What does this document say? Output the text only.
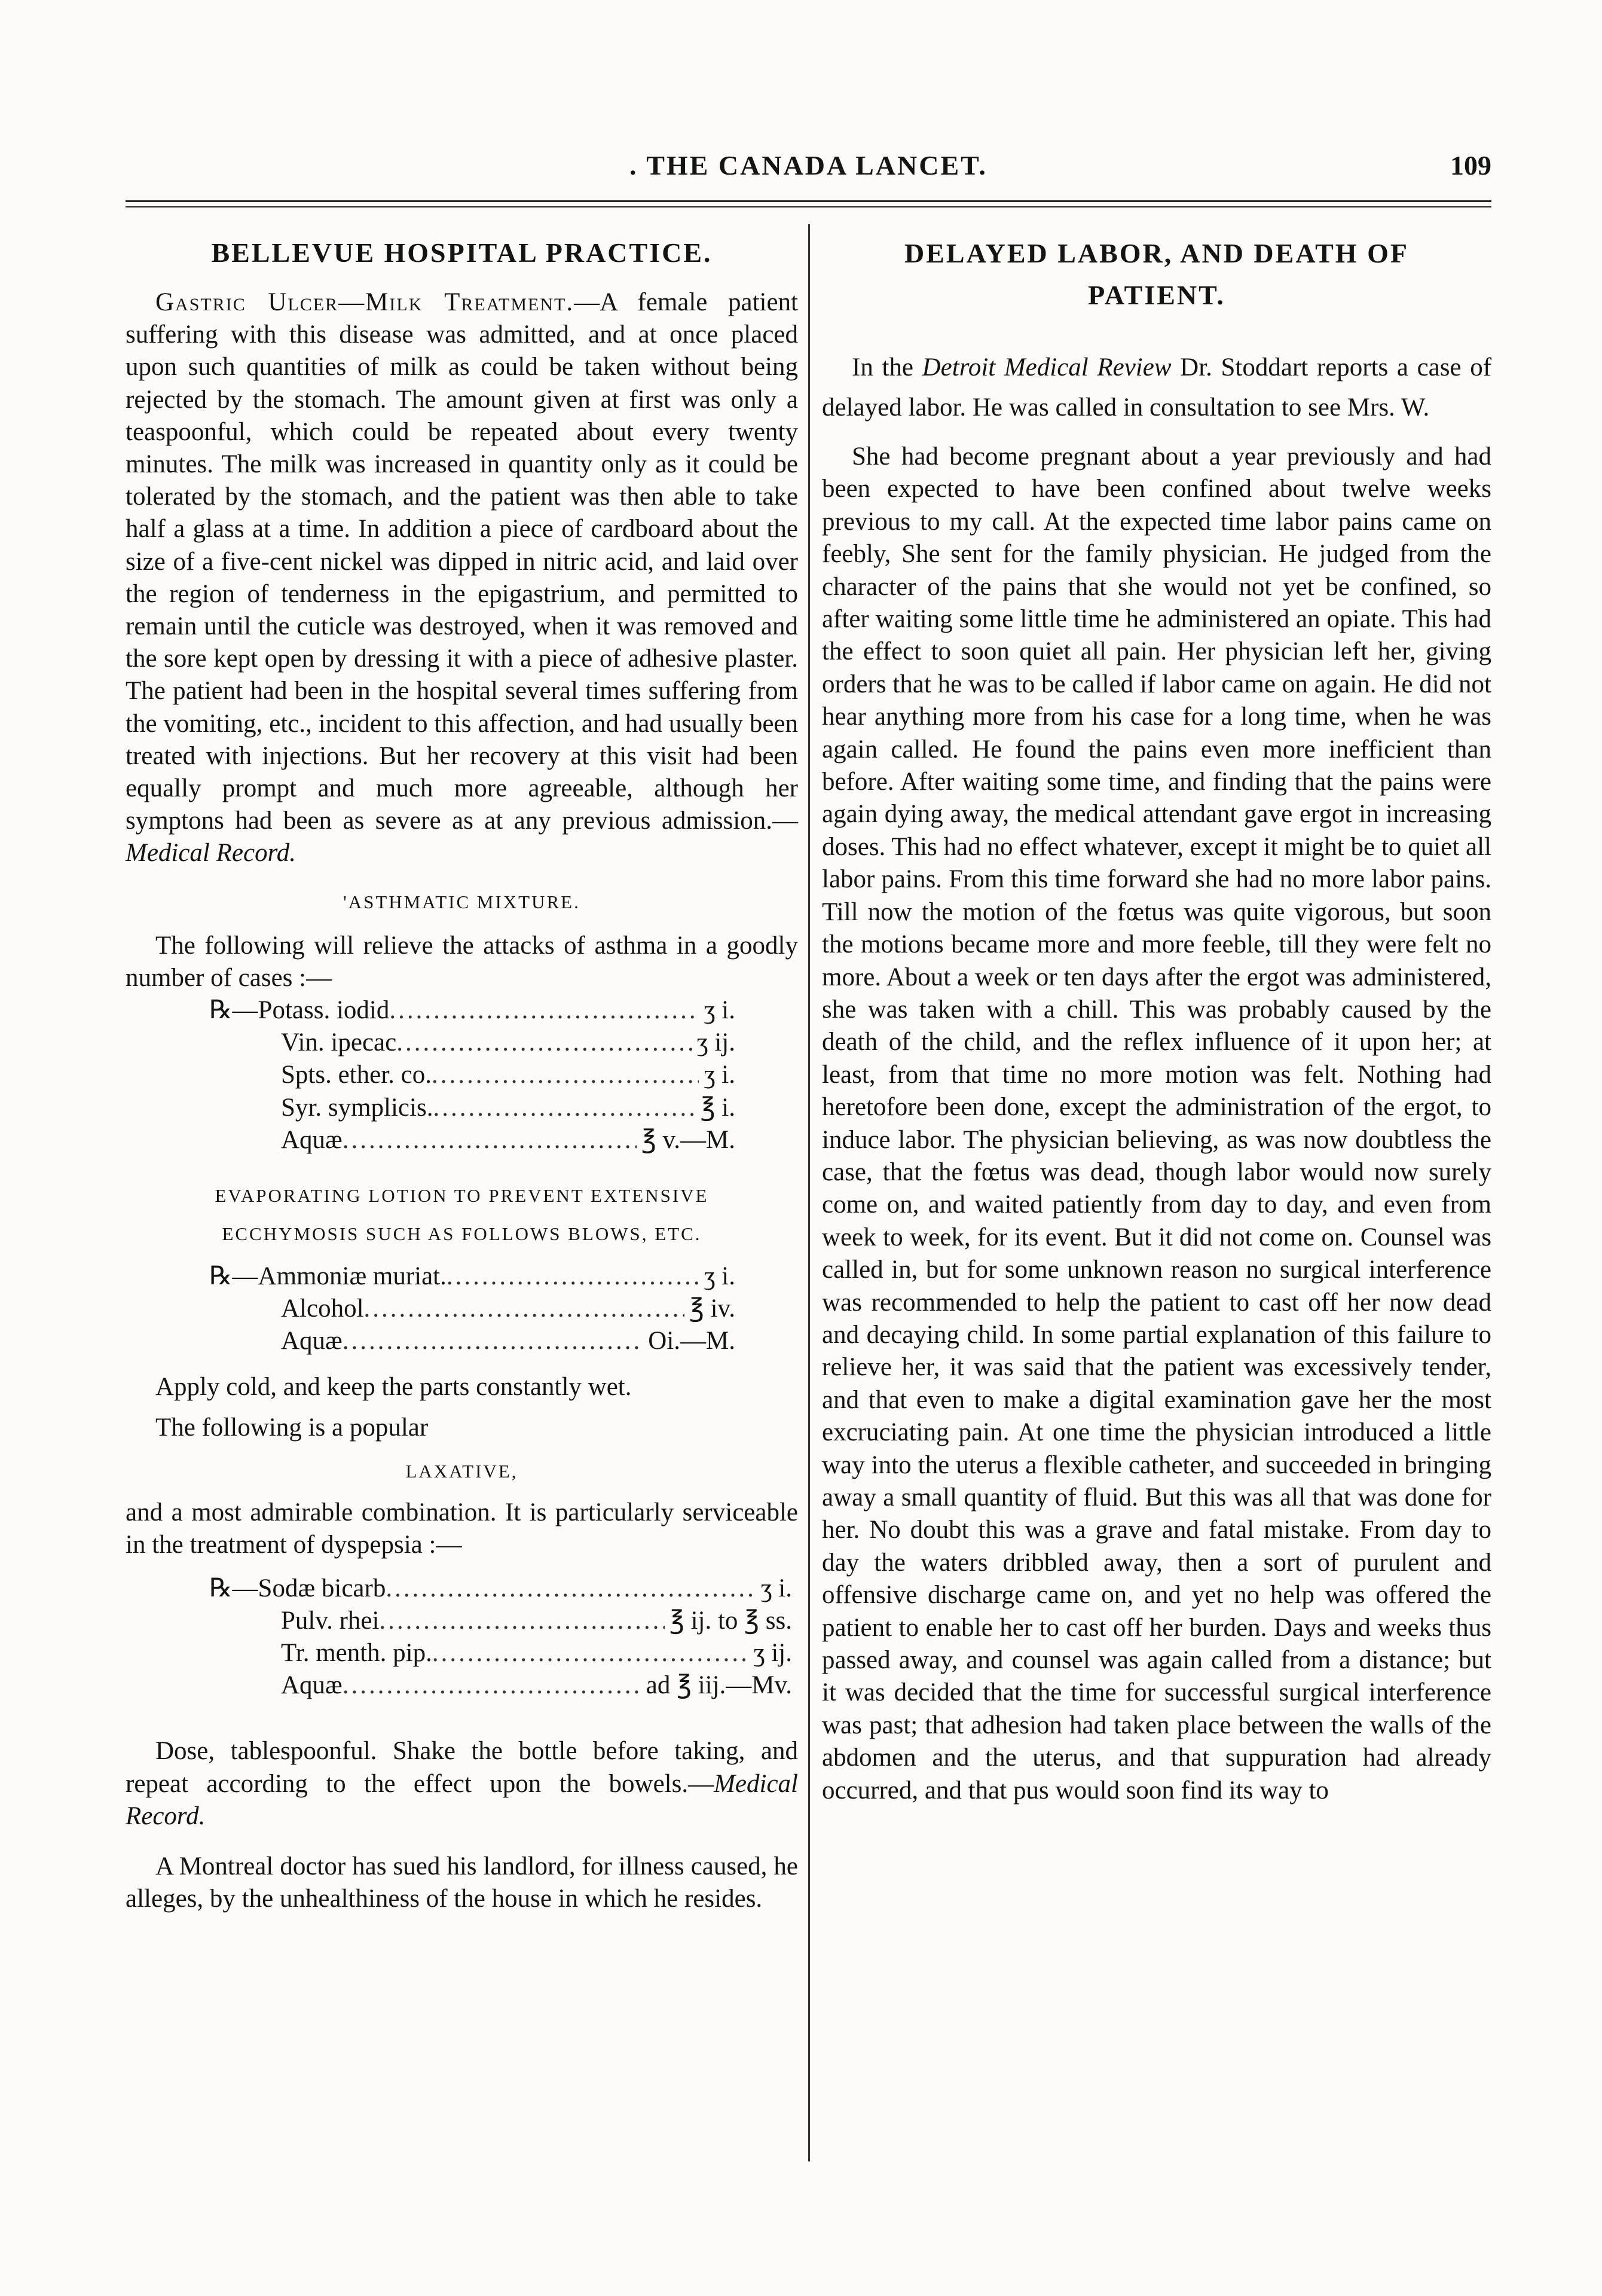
. THE CANADA LANCET.	109
BELLEVUE HOSPITAL PRACTICE.

Gastric Ulcer—Milk Treatment.—A female patient suffering with this disease was admitted, and at once placed upon such quantities of milk as could be taken without being rejected by the stomach. The amount given at first was only a teaspoonful, which could be repeated about every twenty minutes. The milk was increased in quantity only as it could be tolerated by the stomach, and the patient was then able to take half a glass at a time. In addition a piece of cardboard about the size of a five-cent nickel was dipped in nitric acid, and laid over the region of tenderness in the epigastrium, and permitted to remain until the cuticle was destroyed, when it was removed and the sore kept open by dressing it with a piece of adhesive plaster. The patient had been in the hospital several times suffering from the vomiting, etc., incident to this affection, and had usually been treated with injections. But her recovery at this visit had been equally prompt and much more agreeable, although her symptons had been as severe as at any previous admission.—Medical Record.

'ASTHMATIC MIXTURE.

The following will relieve the attacks of asthma in a goodly number of cases :—

℞—Potass. iodid .....	ʒ i.
Vin. ipecac .....	ʒ ij.
Spts. ether. co. .....	ʒ i.
Syr. symplicis. .....	℥ i.
Aquæ .....	℥ v.—M.
EVAPORATING LOTION TO PREVENT EXTENSIVE
ECCHYMOSIS SUCH AS FOLLOWS BLOWS, ETC.
℞—Ammoniæ muriat. .....	ʒ i.
Alcohol .....	℥ iv.
Aquæ .....	Oi.—M.

Apply cold, and keep the parts constantly wet.

The following is a popular

LAXATIVE,

and a most admirable combination. It is particularly serviceable in the treatment of dyspepsia :—

℞—Sodæ bicarb .....	ʒ i.
Pulv. rhei .....	℥ ij. to ℥ ss.
Tr. menth. pip. .....	ʒ ij.
Aquæ .....	ad ℥ iij.—Mv.

Dose, tablespoonful. Shake the bottle before taking, and repeat according to the effect upon the bowels.—Medical Record.

A Montreal doctor has sued his landlord, for illness caused, he alleges, by the unhealthiness of the house in which he resides.

DELAYED LABOR, AND DEATH OF PATIENT.

In the Detroit Medical Review Dr. Stoddart reports a case of delayed labor. He was called in consultation to see Mrs. W.

She had become pregnant about a year previously and had been expected to have been confined about twelve weeks previous to my call. At the expected time labor pains came on feebly, She sent for the family physician. He judged from the character of the pains that she would not yet be confined, so after waiting some little time he administered an opiate. This had the effect to soon quiet all pain. Her physician left her, giving orders that he was to be called if labor came on again. He did not hear anything more from his case for a long time, when he was again called. He found the pains even more inefficient than before. After waiting some time, and finding that the pains were again dying away, the medical attendant gave ergot in increasing doses. This had no effect whatever, except it might be to quiet all labor pains. From this time forward she had no more labor pains. Till now the motion of the fœtus was quite vigorous, but soon the motions became more and more feeble, till they were felt no more. About a week or ten days after the ergot was administered, she was taken with a chill. This was probably caused by the death of the child, and the reflex influence of it upon her; at least, from that time no more motion was felt. Nothing had heretofore been done, except the administration of the ergot, to induce labor. The physician believing, as was now doubtless the case, that the fœtus was dead, though labor would now surely come on, and waited patiently from day to day, and even from week to week, for its event. But it did not come on. Counsel was called in, but for some unknown reason no surgical interference was recommended to help the patient to cast off her now dead and decaying child. In some partial explanation of this failure to relieve her, it was said that the patient was excessively tender, and that even to make a digital examination gave her the most excruciating pain. At one time the physician introduced a little way into the uterus a flexible catheter, and succeeded in bringing away a small quantity of fluid. But this was all that was done for her. No doubt this was a grave and fatal mistake. From day to day the waters dribbled away, then a sort of purulent and offensive discharge came on, and yet no help was offered the patient to enable her to cast off her burden. Days and weeks thus passed away, and counsel was again called from a distance; but it was decided that the time for successful surgical interference was past; that adhesion had taken place between the walls of the abdomen and the uterus, and that suppuration had already occurred, and that pus would soon find its way to
